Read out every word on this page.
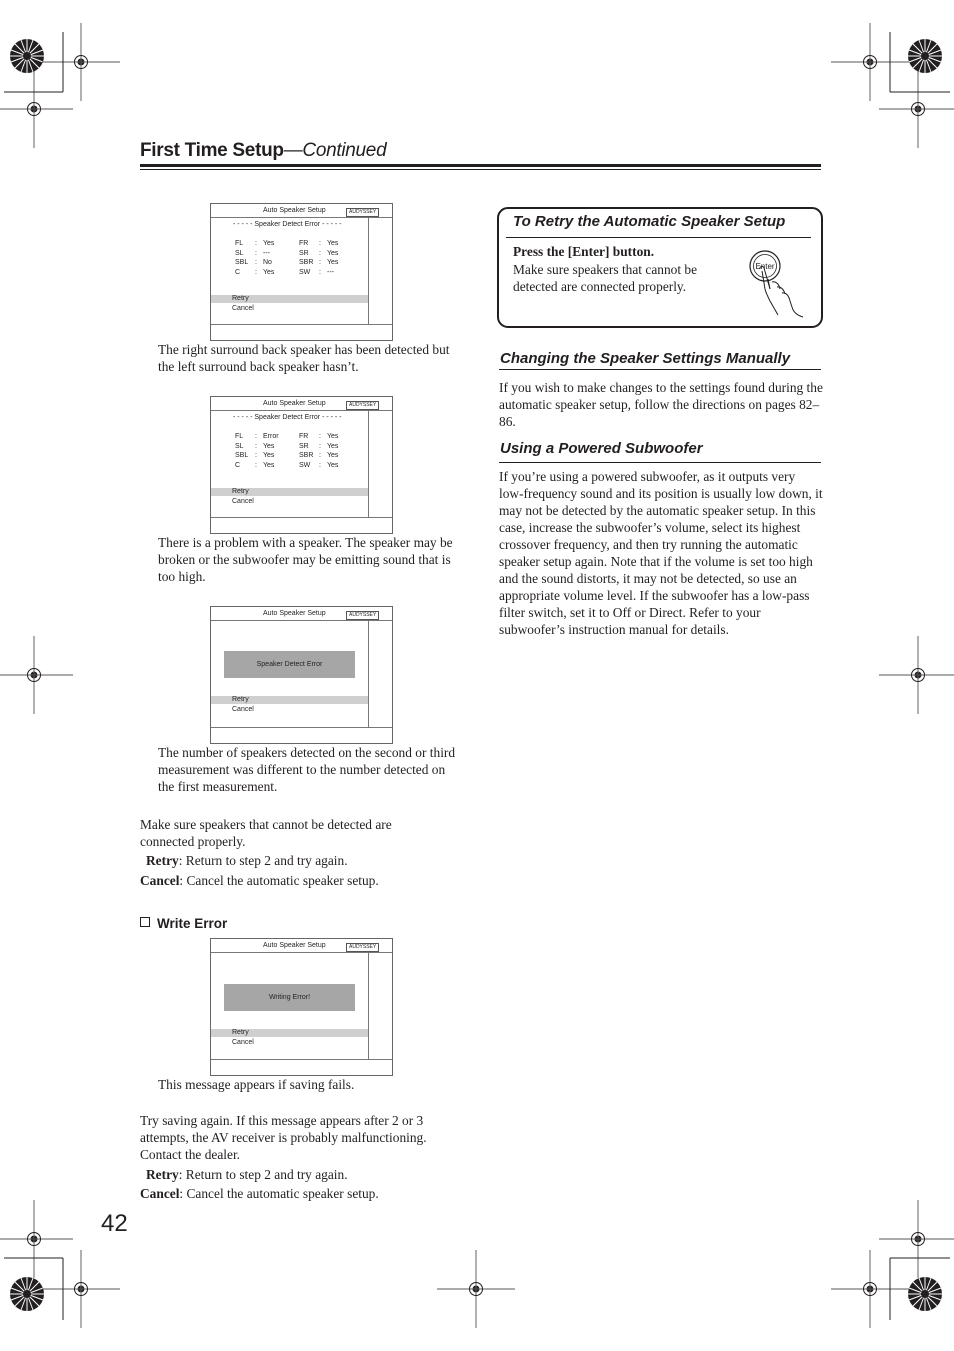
First Time Setup—Continued
Auto Speaker Setup	AUDYSSEY
- - - - - Speaker Detect Error - - - - -
FL : Yes	FR : Yes
SL : ---	SR : Yes
SBL : No	SBR : Yes
C : Yes	SW : ---
Retry
Cancel
The right surround back speaker has been detected but the left surround back speaker hasn’t.
Auto Speaker Setup	AUDYSSEY
- - - - - Speaker Detect Error - - - - -
FL : Error	FR : Yes
SL : Yes	SR : Yes
SBL : Yes	SBR : Yes
C : Yes	SW : Yes
Retry
Cancel
There is a problem with a speaker. The speaker may be broken or the subwoofer may be emitting sound that is too high.
Auto Speaker Setup	AUDYSSEY
Speaker Detect Error
Retry
Cancel
The number of speakers detected on the second or third measurement was different to the number detected on the first measurement.
Make sure speakers that cannot be detected are connected properly.
Retry: Return to step 2 and try again.
Cancel: Cancel the automatic speaker setup.
Write Error
Auto Speaker Setup	AUDYSSEY
Writing Error!
Retry
Cancel
This message appears if saving fails.
Try saving again. If this message appears after 2 or 3 attempts, the AV receiver is probably malfunctioning. Contact the dealer.
Retry: Return to step 2 and try again.
Cancel: Cancel the automatic speaker setup.
To Retry the Automatic Speaker Setup
Press the [Enter] button.
Make sure speakers that cannot be detected are connected properly.
Enter
Changing the Speaker Settings Manually
If you wish to make changes to the settings found during the automatic speaker setup, follow the directions on pages 82–86.
Using a Powered Subwoofer
If you’re using a powered subwoofer, as it outputs very low-frequency sound and its position is usually low down, it may not be detected by the automatic speaker setup. In this case, increase the subwoofer’s volume, select its highest crossover frequency, and then try running the automatic speaker setup again. Note that if the volume is set too high and the sound distorts, it may not be detected, so use an appropriate volume level. If the subwoofer has a low-pass filter switch, set it to Off or Direct. Refer to your subwoofer’s instruction manual for details.
42
